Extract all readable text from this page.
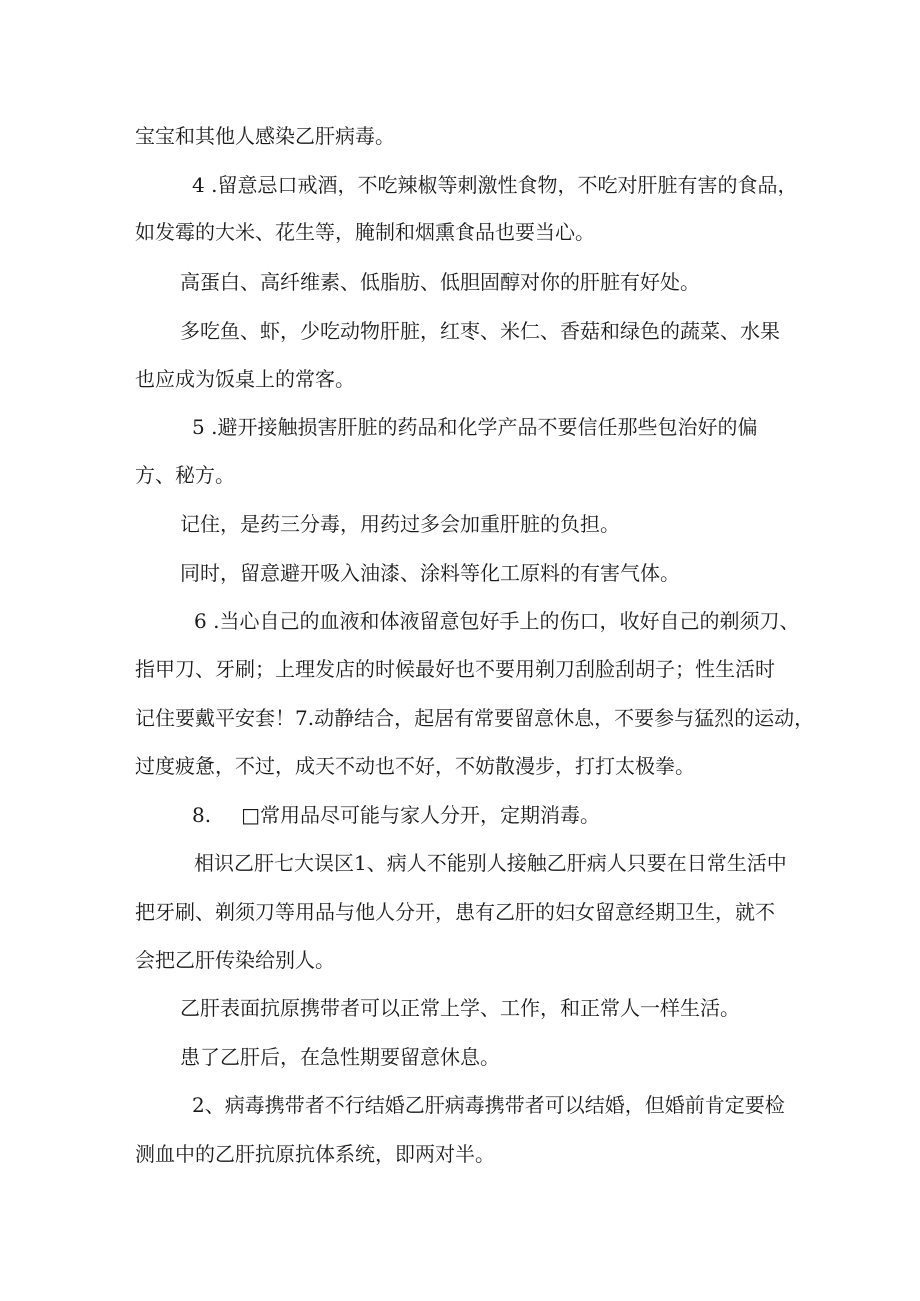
宝宝和其他人感染乙肝病毒。
4 .留意忌口戒酒，不吃辣椒等刺激性食物，不吃对肝脏有害的食品，
如发霉的大米、花生等，腌制和烟熏食品也要当心。
高蛋白、高纤维素、低脂肪、低胆固醇对你的肝脏有好处。
多吃鱼、虾，少吃动物肝脏，红枣、米仁、香菇和绿色的蔬菜、水果
也应成为饭桌上的常客。
5 .避开接触损害肝脏的药品和化学产品不要信任那些包治好的偏
方、秘方。
记住，是药三分毒，用药过多会加重肝脏的负担。
同时，留意避开吸入油漆、涂料等化工原料的有害气体。
6 .当心自己的血液和体液留意包好手上的伤口，收好自己的剃须刀、
指甲刀、牙刷；上理发店的时候最好也不要用剃刀刮脸刮胡子；性生活时
记住要戴平安套！7.动静结合，起居有常要留意休息，不要参与猛烈的运动，
过度疲惫，不过，成天不动也不好，不妨散漫步，打打太极拳。
8. □常用品尽可能与家人分开，定期消毒。
相识乙肝七大误区1、病人不能别人接触乙肝病人只要在日常生活中
把牙刷、剃须刀等用品与他人分开，患有乙肝的妇女留意经期卫生，就不
会把乙肝传染给别人。
乙肝表面抗原携带者可以正常上学、工作，和正常人一样生活。
患了乙肝后，在急性期要留意休息。
2、病毒携带者不行结婚乙肝病毒携带者可以结婚，但婚前肯定要检
测血中的乙肝抗原抗体系统，即两对半。
